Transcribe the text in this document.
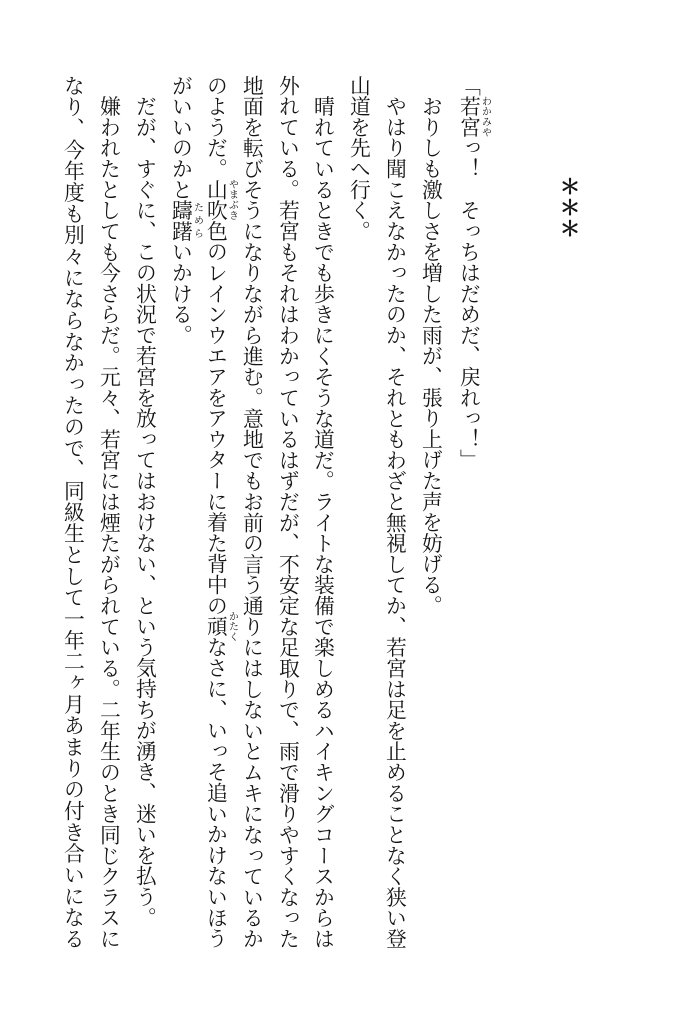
＊＊＊
「若宮っ！　そっちはだめだ、戻れっ！」
わかみや
　おりしも激しさを増した雨が、張り上げた声を妨げる。
　やはり聞こえなかったのか、それともわざと無視してか、若宮は足を止めることなく狭い登
山道を先へ行く。
　晴れているときでも歩きにくそうな道だ。ライトな装備で楽しめるハイキングコースからは
外れている。若宮もそれはわかっているはずだが、不安定な足取りで、雨で滑りやすくなった
地面を転びそうになりながら進む。意地でもお前の言う通りにはしないとムキになっているか
のようだ。山吹色のレインウエアをアウターに着た背中の頑なさに、いっそ追いかけないほう
やまぶき
かたく
がいいのかと躊躇いかける。
ためら
　だが、すぐに、この状況で若宮を放ってはおけない、という気持ちが湧き、迷いを払う。
　嫌われたとしても今さらだ。元々、若宮には煙たがられている。二年生のとき同じクラスに
なり、今年度も別々にならなかったので、同級生として一年二ヶ月あまりの付き合いになる
